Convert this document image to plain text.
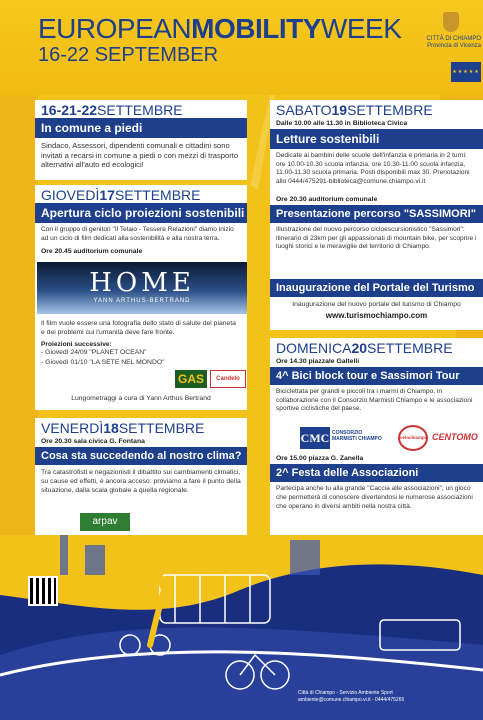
EUROPEANMOBILITYWEEK
16-22 SEPTEMBER
CITTÀ DI CHIAMPO
Provincia di Vicenza
★★★★★
16-21-22SETTEMBRE
In comune a piedi
Sindaco, Assessori, dipendenti comunali e cittadini sono invitati a recarsi in comune a piedi o con mezzi di trasporto alternativi all'auto ed ecologici!
GIOVEDÌ17SETTEMBRE
Apertura ciclo proiezioni sostenibili
Con il gruppo di genitori "Il Telaio - Tessere Relazioni" diamo inizio ad un ciclo di film dedicati alla sostenibilità e alla nostra terra.
Ore 20.45 auditorium comunale
HOME
YANN ARTHUS-BERTRAND
Il film vuole essere una fotografia dello stato di salute del pianeta e dei problemi cui l'umanità deve fare fronte.
Proiezioni successive:
- Giovedì 24/09 "PLANET OCEAN"
- Giovedì 01/10 "LA SETE NEL MONDO"
GAS	Candelo
Lungometraggi a cura di Yann Arthus Bertrand
VENERDÌ18SETTEMBRE
Ore 20.30 sala civica G. Fontana
Cosa sta succedendo al nostro clima?
Tra catastrofisti e negazionisti il dibattito sui cambiamenti climatici, su cause ed effetti, è ancora acceso: proviamo a fare il punto della situazione, dalla scala globale a quella regionale.
arpav
SABATO19SETTEMBRE
Dalle 10.00 alle 11.30 in Biblioteca Civica
Letture sostenibili
Dedicate ai bambini delle scuole dell'infanzia e primaria in 2 turni: ore 10.00-10.30 scuola infanzia, ore 10.30-11.00 scuola infanzia, 11.00-11.30 scuola primaria. Posti disponibili max 30. Prenotazioni allo 0444/475291-biblioteca@comune.chiampo.vi.it
Ore 20.30 auditorium comunale
Presentazione percorso "SASSIMORI"
Illustrazione del nuovo percorso cicloescursionistico "Sassimori": itinerario di 23km per gli appassionati di mountain bike, per scoprire i luoghi storici e le meraviglie del territorio di Chiampo.
Inaugurazione del Portale del Turismo
Inaugurazione del nuovo portale del turismo di Chiampo
www.turismochiampo.com
DOMENICA20SETTEMBRE
Ore 14.30 piazzale Galtelli
4^ Bici block tour e Sassimori Tour
Biciclettata per grandi e piccoli tra i marmi di Chiampo, in collaborazione con il Consorzio Marmisti Chiampo e le associazioni sportive ciclistiche del paese.
Ore 15.00 piazza G. Zanella
2^ Festa delle Associazioni
Partecipa anche tu alla grande "Caccia alle associazioni", un gioco che permetterà di conoscere divertendosi le numerose associazioni che operano in diversi ambiti nella nostra città.
CMC CONSORZIO MARMISTI CHIAMPO	velochiampo CENTOMO
Città di Chiampo - Servizio Ambiente Sport
ambiente@comune.chiampo.vi.it - 0444/475265
